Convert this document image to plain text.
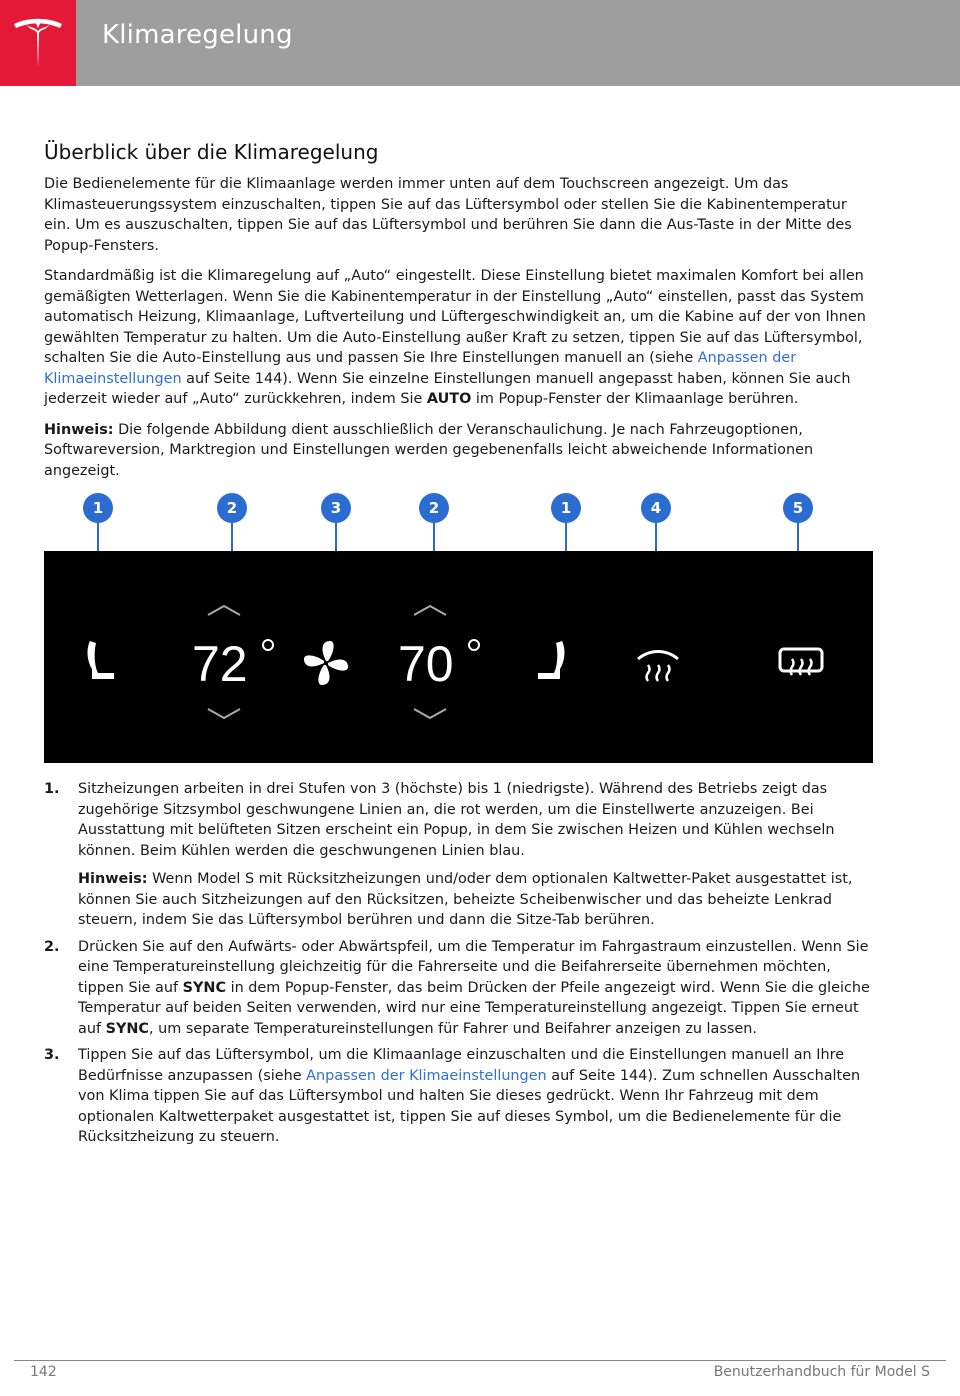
Klimaregelung
Überblick über die Klimaregelung

Die Bedienelemente für die Klimaanlage werden immer unten auf dem Touchscreen angezeigt. Um das Klimasteuerungssystem einzuschalten, tippen Sie auf das Lüftersymbol oder stellen Sie die Kabinentemperatur ein. Um es auszuschalten, tippen Sie auf das Lüftersymbol und berühren Sie dann die Aus-Taste in der Mitte des Popup-Fensters.

Standardmäßig ist die Klimaregelung auf „Auto“ eingestellt. Diese Einstellung bietet maximalen Komfort bei allen gemäßigten Wetterlagen. Wenn Sie die Kabinentemperatur in der Einstellung „Auto“ einstellen, passt das System automatisch Heizung, Klimaanlage, Luftverteilung und Lüftergeschwindigkeit an, um die Kabine auf der von Ihnen gewählten Temperatur zu halten. Um die Auto-Einstellung außer Kraft zu setzen, tippen Sie auf das Lüftersymbol, schalten Sie die Auto-Einstellung aus und passen Sie Ihre Einstellungen manuell an (siehe Anpassen der Klimaeinstellungen auf Seite 144). Wenn Sie einzelne Einstellungen manuell angepasst haben, können Sie auch jederzeit wieder auf „Auto“ zurückkehren, indem Sie AUTO im Popup-Fenster der Klimaanlage berühren.

Hinweis: Die folgende Abbildung dient ausschließlich der Veranschaulichung. Je nach Fahrzeugoptionen, Softwareversion, Marktregion und Einstellungen werden gegebenenfalls leicht abweichende Informationen angezeigt.

1	2	3	2	1	4	5
72	70
1. Sitzheizungen arbeiten in drei Stufen von 3 (höchste) bis 1 (niedrigste). Während des Betriebs zeigt das zugehörige Sitzsymbol geschwungene Linien an, die rot werden, um die Einstellwerte anzuzeigen. Bei Ausstattung mit belüfteten Sitzen erscheint ein Popup, in dem Sie zwischen Heizen und Kühlen wechseln können. Beim Kühlen werden die geschwungenen Linien blau.
Hinweis: Wenn Model S mit Rücksitzheizungen und/oder dem optionalen Kaltwetter-Paket ausgestattet ist, können Sie auch Sitzheizungen auf den Rücksitzen, beheizte Scheibenwischer und das beheizte Lenkrad steuern, indem Sie das Lüftersymbol berühren und dann die Sitze-Tab berühren.
2. Drücken Sie auf den Aufwärts- oder Abwärtspfeil, um die Temperatur im Fahrgastraum einzustellen. Wenn Sie eine Temperatureinstellung gleichzeitig für die Fahrerseite und die Beifahrerseite übernehmen möchten, tippen Sie auf SYNC in dem Popup-Fenster, das beim Drücken der Pfeile angezeigt wird. Wenn Sie die gleiche Temperatur auf beiden Seiten verwenden, wird nur eine Temperatureinstellung angezeigt. Tippen Sie erneut auf SYNC, um separate Temperatureinstellungen für Fahrer und Beifahrer anzeigen zu lassen.
3. Tippen Sie auf das Lüftersymbol, um die Klimaanlage einzuschalten und die Einstellungen manuell an Ihre Bedürfnisse anzupassen (siehe Anpassen der Klimaeinstellungen auf Seite 144). Zum schnellen Ausschalten von Klima tippen Sie auf das Lüftersymbol und halten Sie dieses gedrückt. Wenn Ihr Fahrzeug mit dem optionalen Kaltwetterpaket ausgestattet ist, tippen Sie auf dieses Symbol, um die Bedienelemente für die Rücksitzheizung zu steuern.
142	Benutzerhandbuch für Model S
